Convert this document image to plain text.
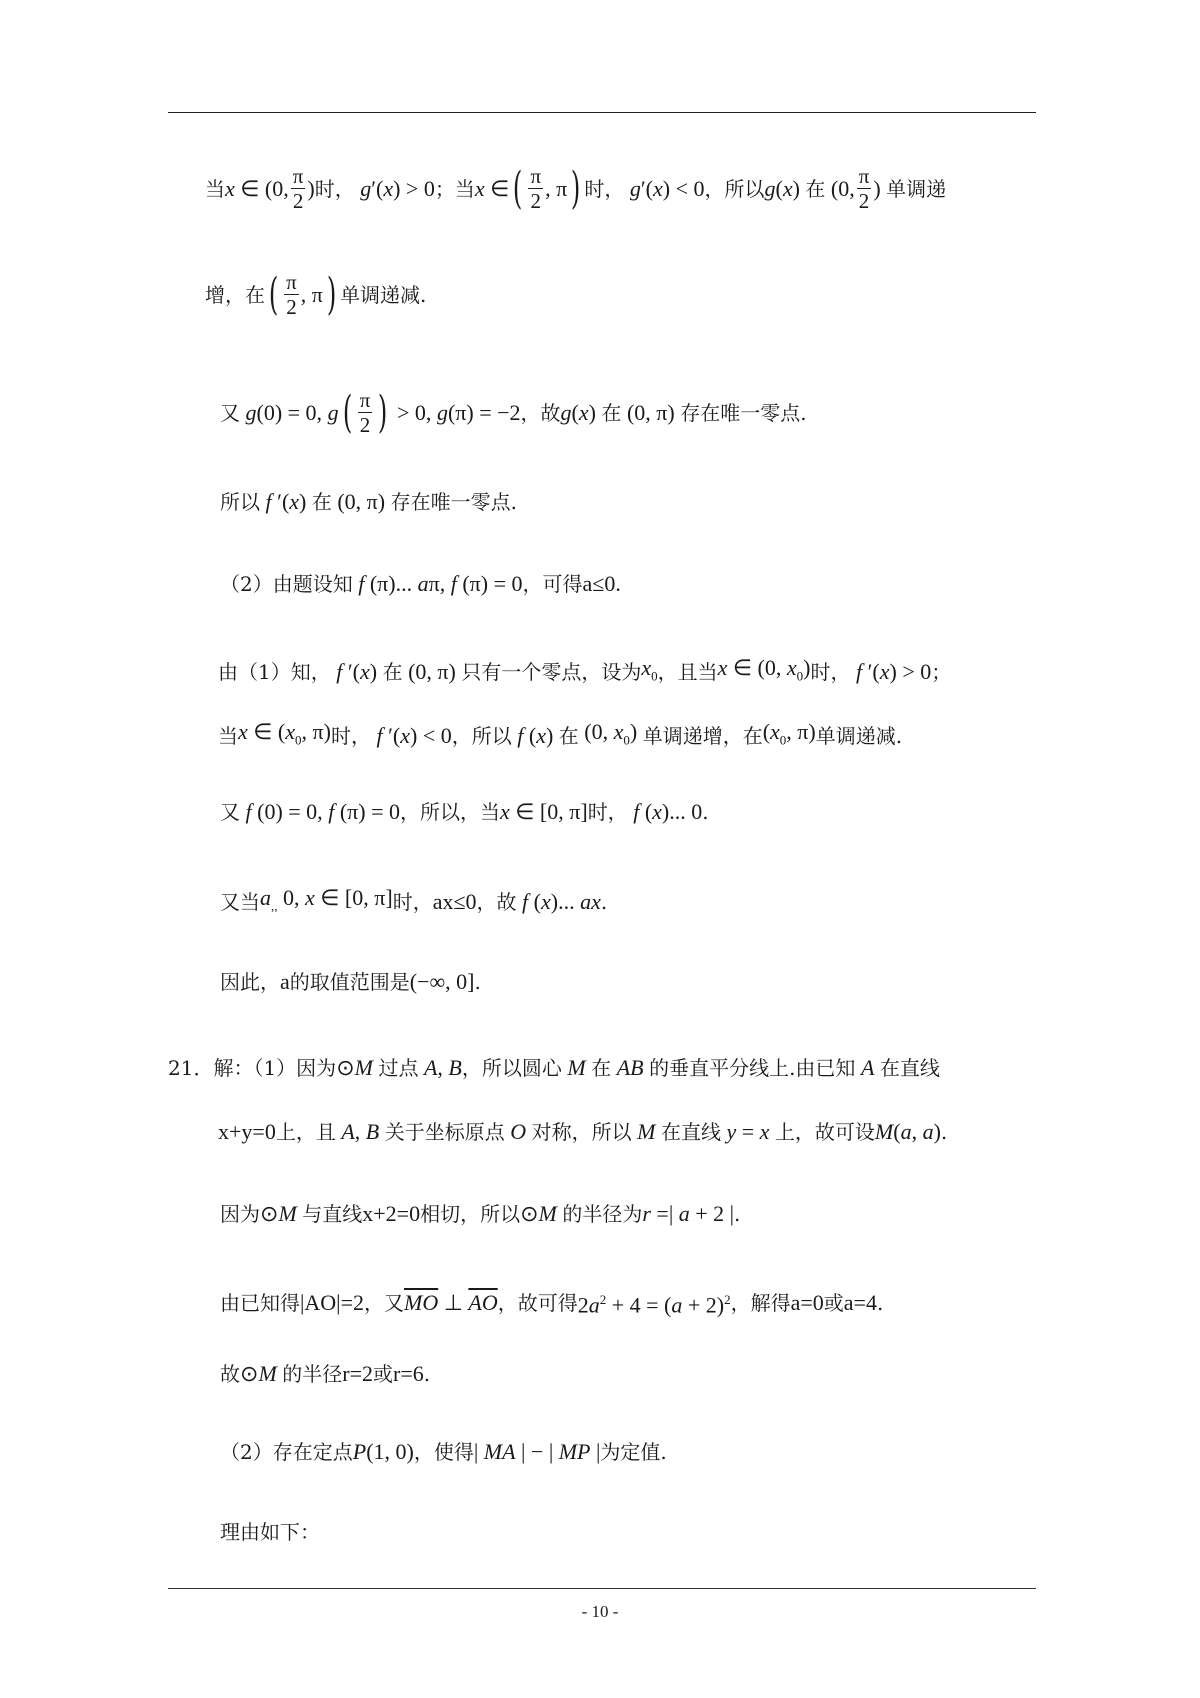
当 x ∈ (0, $\frac{\pi}{2}$ ) 时， g′(x) > 0 ；当 x ∈ ( $\frac{\pi}{2}$ , π ) 时， g′(x) < 0 ，所以 g(x) 在 (0, $\frac{\pi}{2}$ ) 单调递
增，在 ( $\frac{\pi}{2}$ , π ) 单调递减.
又 g(0) = 0, g ( $\frac{\pi}{2}$ ) > 0, g(π) = −2 ，故 g(x) 在 (0, π) 存在唯一零点.
所以 f ′(x) 在 (0, π) 存在唯一零点.
（2）由题设知 f (π)... aπ, f (π) = 0 ，可得 a≤0.
由（1）知， f ′(x) 在 (0, π) 只有一个零点，设为 $x_0$ ，且当 x ∈ (0, $x_0$) 时， f ′(x) > 0 ；
当 x ∈ ($x_0$, π) 时， f ′(x) < 0 ，所以 f (x) 在 (0, $x_0$) 单调递增，在 ($x_0$, π) 单调递减.
又 f (0) = 0, f (π) = 0 ，所以，当 x ∈ [0, π] 时， f (x)... 0 .
又当 $a_{,,}$ 0, x ∈ [0, π] 时， ax≤0 ，故 f (x)... ax .
因此， a 的取值范围是 (−∞, 0] .
21．解：（1）因为 ⊙M 过点 A, B ，所以圆心 M 在 AB 的垂直平分线上.由已知 A 在直线
x+y=0 上，且 A, B 关于坐标原点 O 对称，所以 M 在直线 y = x 上，故可设 M(a, a) .
因为 ⊙M 与直线 x+2=0 相切，所以 ⊙M 的半径为 r =| a + 2 | .
由已知得 |AO|=2 ，又 $\overline{MO}$ ⊥ $\overline{AO}$ ，故可得 $2a^2 + 4 = (a + 2)^2$ ，解得 a=0 或 a=4 .
故 ⊙M 的半径 r=2 或 r=6 .
（2）存在定点 P(1, 0) ，使得 | MA | − | MP | 为定值.
理由如下：
- 10 -
